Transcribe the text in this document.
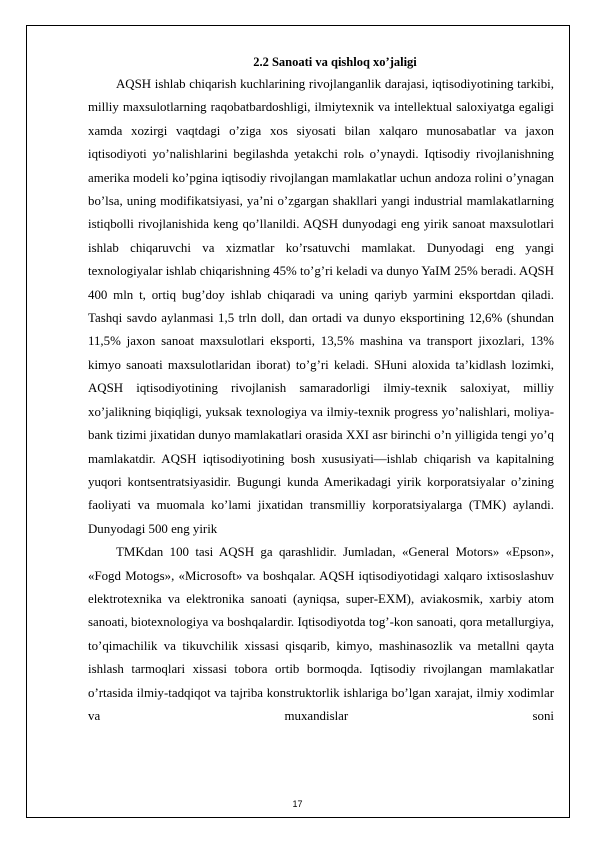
2.2 Sanoati va qishloq xo’jaligi

AQSH ishlab chiqarish kuchlarining rivojlanganlik darajasi, iqtisodiyotining tarkibi, milliy maxsulotlarning raqobatbardoshligi, ilmiytexnik va intellektual saloxiyatga egaligi xamda xozirgi vaqtdagi o’ziga xos siyosati bilan xalqaro munosabatlar va jaxon iqtisodiyoti yo’nalishlarini begilashda yetakchi rolь o’ynaydi. Iqtisodiy rivojlanishning amerika modeli ko’pgina iqtisodiy rivojlangan mamlakatlar uchun andoza rolini o’ynagan bo’lsa, uning modifikatsiyasi, ya’ni o’zgargan shakllari yangi industrial mamlakatlarning istiqbolli rivojlanishida keng qo’llanildi. AQSH dunyodagi eng yirik sanoat maxsulotlari ishlab chiqaruvchi va xizmatlar ko’rsatuvchi mamlakat. Dunyodagi eng yangi texnologiyalar ishlab chiqarishning 45% to’g’ri keladi va dunyo YaIM 25% beradi. AQSH 400 mln t, ortiq bug’doy ishlab chiqaradi va uning qariyb yarmini eksportdan qiladi. Tashqi savdo aylanmasi 1,5 trln doll, dan ortadi va dunyo eksportining 12,6% (shundan 11,5% jaxon sanoat maxsulotlari eksporti, 13,5% mashina va transport jixozlari, 13% kimyo sanoati maxsulotlaridan iborat) to’g’ri keladi. SHuni aloxida ta’kidlash lozimki, AQSH iqtisodiyotining rivojlanish samaradorligi ilmiy-texnik saloxiyat, milliy xo’jalikning biqiqligi, yuksak texnologiya va ilmiy-texnik progress yo’nalishlari, moliya-bank tizimi jixatidan dunyo mamlakatlari orasida XXI asr birinchi o’n yilligida tengi yo’q mamlakatdir. AQSH iqtisodiyotining bosh xususiyati—ishlab chiqarish va kapitalning yuqori kontsentratsiyasidir. Bugungi kunda Amerikadagi yirik korporatsiyalar o’zining faoliyati va muomala ko’lami jixatidan transmilliy korporatsiyalarga (TMK) aylandi. Dunyodagi 500 eng yirik

TMKdan 100 tasi AQSH ga qarashlidir. Jumladan, «General Motors» «Epson», «Fogd Motogs», «Microsoft» va boshqalar. AQSH iqtisodiyotidagi xalqaro ixtisoslashuv elektrotexnika va elektronika sanoati (ayniqsa, super-EXM), aviakosmik, xarbiy atom sanoati, biotexnologiya va boshqalardir. Iqtisodiyotda tog’-kon sanoati, qora metallurgiya, to’qimachilik va tikuvchilik xissasi qisqarib, kimyo, mashinasozlik va metallni qayta ishlash tarmoqlari xissasi tobora ortib bormoqda. Iqtisodiy rivojlangan mamlakatlar o’rtasida ilmiy-tadqiqot va tajriba konstruktorlik ishlariga bo’lgan xarajat, ilmiy xodimlar va muxandislar soni

17
